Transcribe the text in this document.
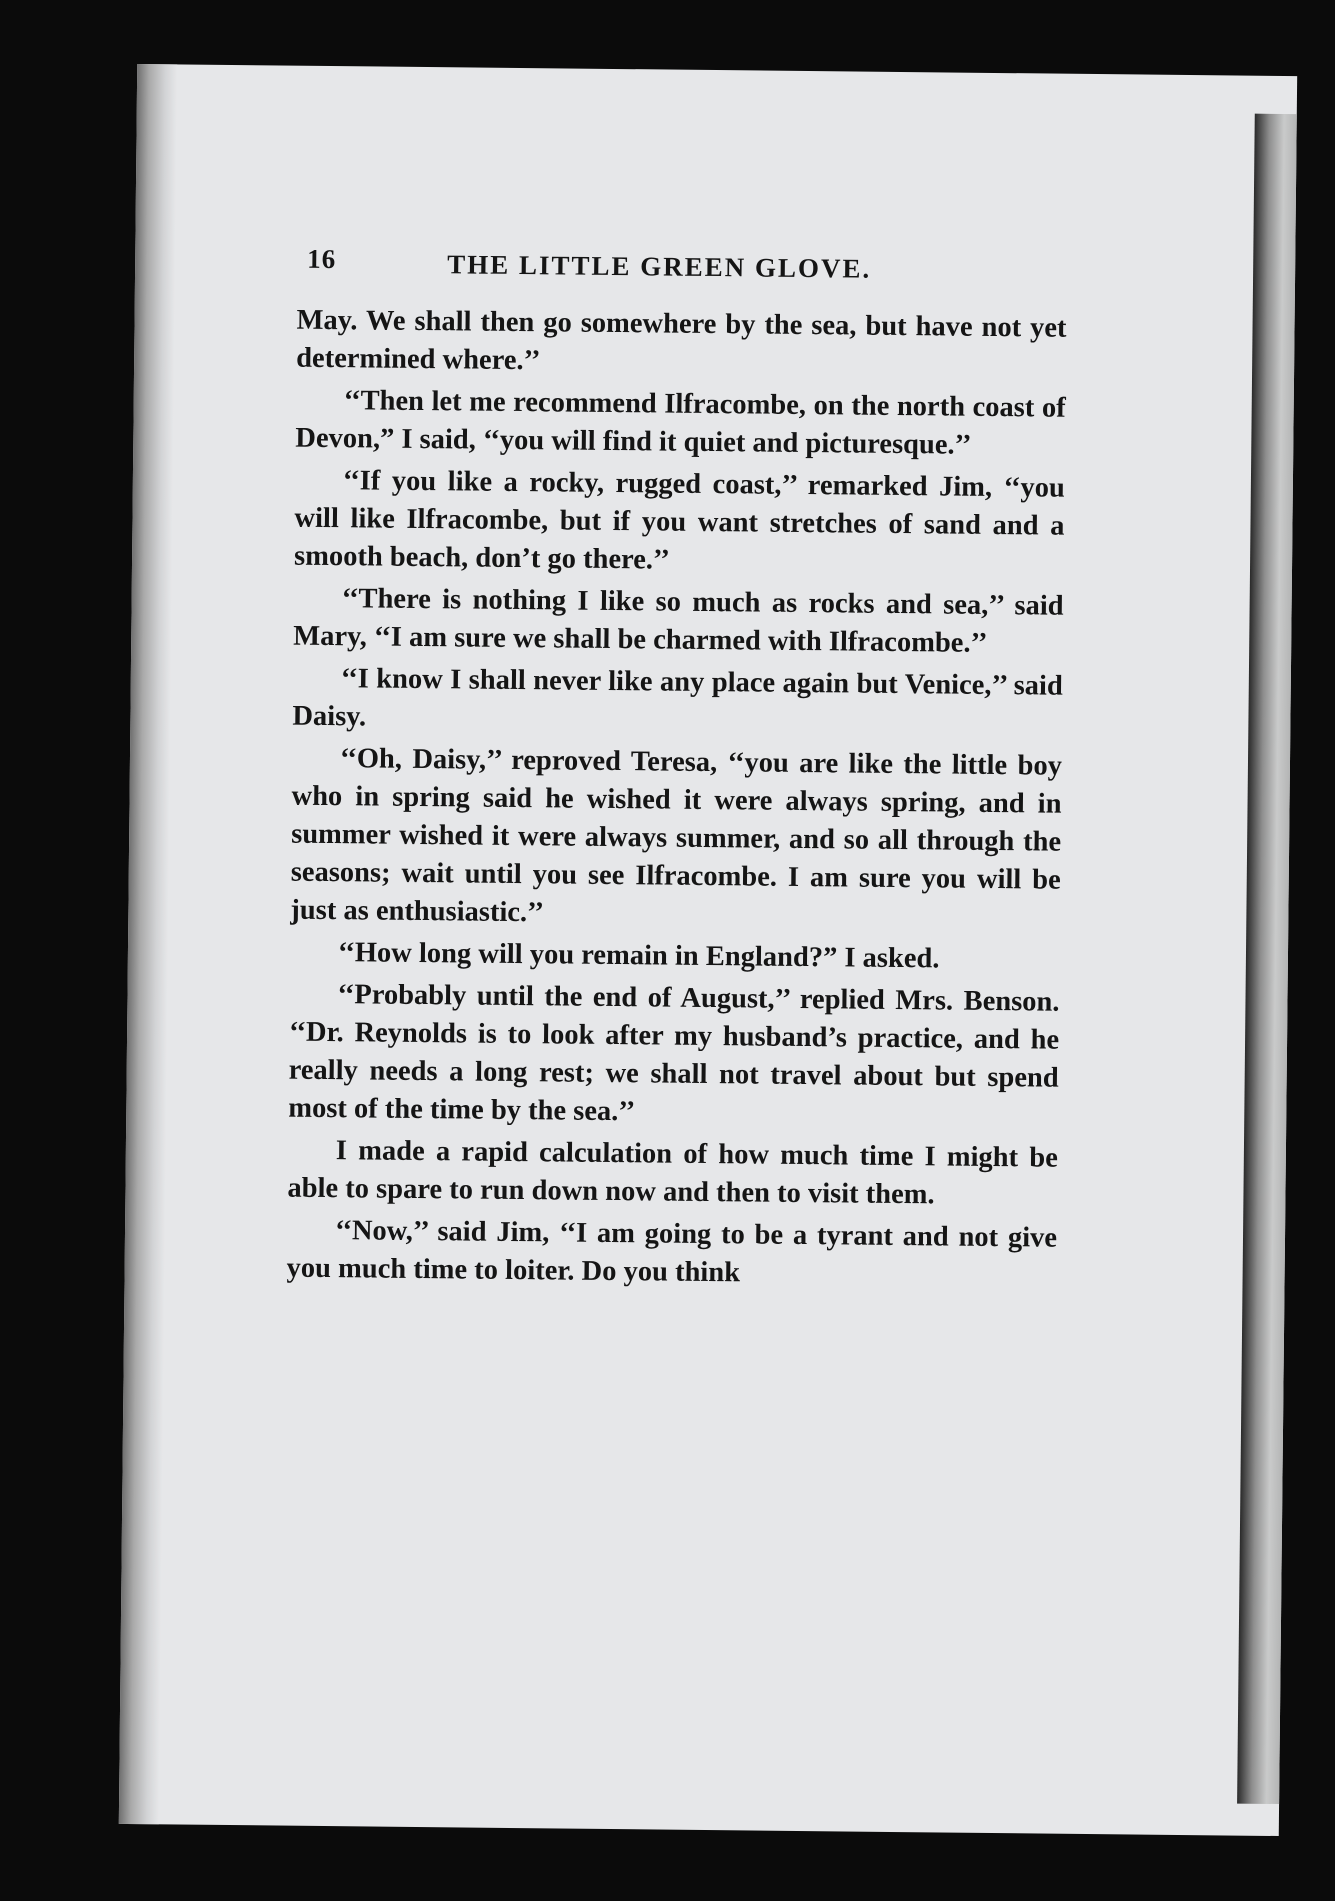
16	THE LITTLE GREEN GLOVE.

May. We shall then go somewhere by the sea, but have not yet determined where.’’

‘‘Then let me recommend Ilfracombe, on the north coast of Devon,” I said, ‘‘you will find it quiet and picturesque.’’

‘‘If you like a rocky, rugged coast,’’ remarked Jim, ‘‘you will like Ilfracombe, but if you want stretches of sand and a smooth beach, don’t go there.’’

‘‘There is nothing I like so much as rocks and sea,’’ said Mary, ‘‘I am sure we shall be charmed with Ilfracombe.’’

‘‘I know I shall never like any place again but Venice,’’ said Daisy.

‘‘Oh, Daisy,’’ reproved Teresa, ‘‘you are like the little boy who in spring said he wished it were always spring, and in summer wished it were always summer, and so all through the seasons; wait until you see Ilfracombe. I am sure you will be just as enthusiastic.’’

‘‘How long will you remain in England?” I asked.

‘‘Probably until the end of August,’’ replied Mrs. Benson. ‘‘Dr. Reynolds is to look after my husband’s practice, and he really needs a long rest; we shall not travel about but spend most of the time by the sea.’’

I made a rapid calculation of how much time I might be able to spare to run down now and then to visit them.

‘‘Now,’’ said Jim, ‘‘I am going to be a tyrant and not give you much time to loiter. Do you think
